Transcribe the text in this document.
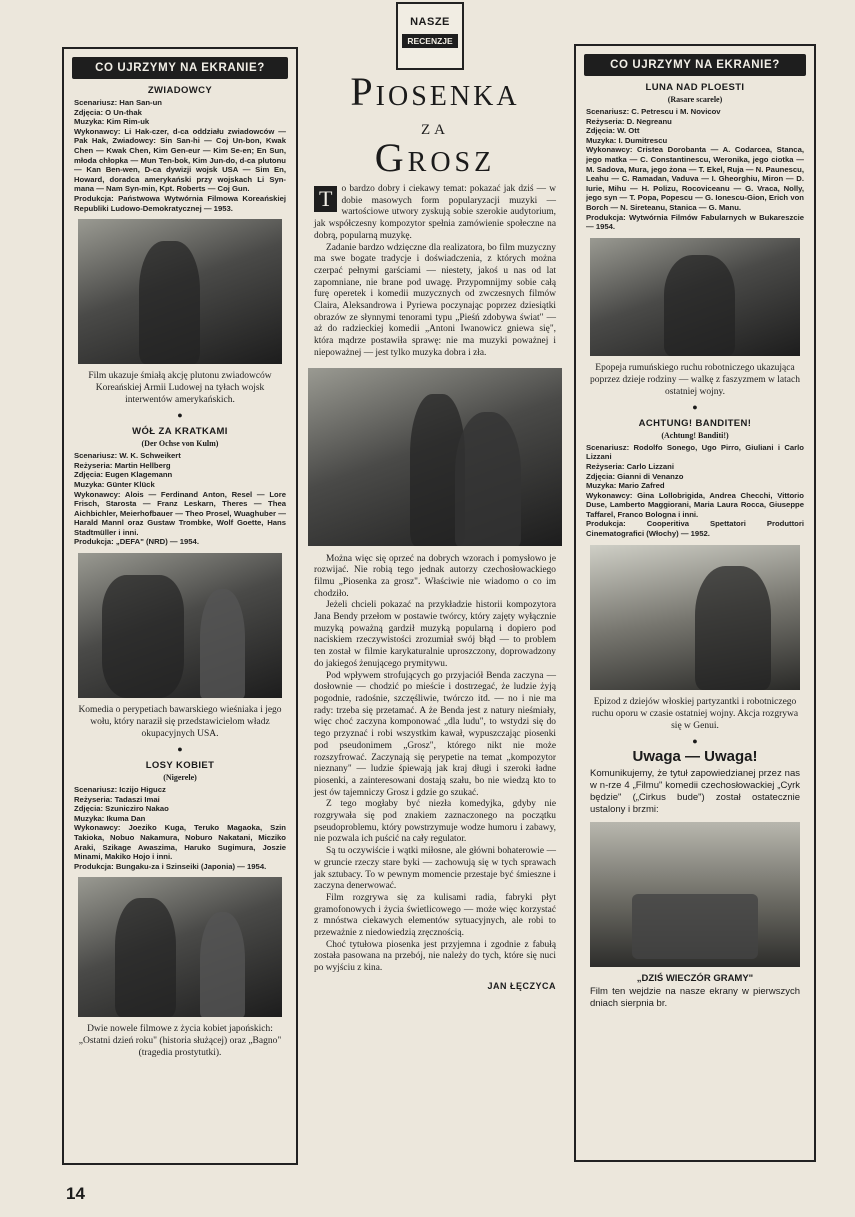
CO UJRZYMY NA EKRANIE?
ZWIADOWCY
Scenariusz: Han San-un
Zdjęcia: O Un-thak
Muzyka: Kim Rim-uk
Wykonawcy: Li Hak-czer, d-ca oddziału zwiadowców — Pak Hak, Zwiadowcy: Sin San-hi — Coj Un-bon, Kwak Chen — Kwak Chen, Kim Gen-eur — Kim Se-en; En Sun, młoda chłopka — Mun Ten-bok, Kim Jun-do, d-ca plutonu — Kan Ben-wen, D-ca dywizji wojsk USA — Sim En, Howard, doradca amerykański przy wojskach Li Syn-mana — Nam Syn-min, Kpt. Roberts — Coj Gun.
Produkcja: Państwowa Wytwórnia Filmowa Koreańskiej Republiki Ludowo-Demokratycznej — 1953.
Film ukazuje śmiałą akcję plutonu zwiadowców Koreańskiej Armii Ludowej na tyłach wojsk interwentów amerykańskich.
●
WÓŁ ZA KRATKAMI
(Der Ochse von Kulm)
Scenariusz: W. K. Schweikert
Reżyseria: Martin Hellberg
Zdjęcia: Eugen Klagemann
Muzyka: Günter Klück
Wykonawcy: Alois — Ferdinand Anton, Resel — Lore Frisch, Starosta — Franz Leskarn, Theres — Thea Aichbichler, Meierhofbauer — Theo Prosel, Wuaghuber — Harald Mannl oraz Gustaw Trombke, Wolf Goette, Hans Stadtmüller i inni.
Produkcja: „DEFA" (NRD) — 1954.
Komedia o perypetiach bawarskiego wieśniaka i jego wołu, który naraził się przedstawicielom władz okupacyjnych USA.
●
LOSY KOBIET
(Nigerele)
Scenariusz: Iczijo Higucz
Reżyseria: Tadaszi Imai
Zdjęcia: Szunicziro Nakao
Muzyka: Ikuma Dan
Wykonawcy: Joeziko Kuga, Teruko Magaoka, Szin Takioka, Nobuo Nakamura, Noburo Nakatani, Micziko Araki, Szikage Awaszima, Haruko Sugimura, Joszie Minami, Makiko Hojo i inni.
Produkcja: Bungaku-za i Szinseiki (Japonia) — 1954.
Dwie nowele filmowe z życia kobiet japońskich: „Ostatni dzień roku" (historia służącej) oraz „Bagno" (tragedia prostytutki).
NASZE
RECENZJE
Piosenka
za
Grosz
T o bardzo dobry i ciekawy temat: pokazać jak dziś — w dobie masowych form popularyzacji muzyki — wartościowe utwory zyskują sobie szerokie audytorium, jak współczesny kompozytor spełnia zamówienie społeczne na dobrą, popularną muzykę.

Zadanie bardzo wdzięczne dla realizatora, bo film muzyczny ma swe bogate tradycje i doświadczenia, z których można czerpać pełnymi garściami — niestety, jakoś u nas od lat zapomniane, nie brane pod uwagę. Przypomnijmy sobie całą furę operetek i komedii muzycznych od zwczesnych filmów Claira, Aleksandrowa i Pyriewa poczynając poprzez dziesiątki obrazów ze słynnymi tenorami typu „Pieśń zdobywa świat" — aż do radzieckiej komedii „Antoni Iwanowicz gniewa się", która mądrze postawiła sprawę: nie ma muzyki poważnej i niepoważnej — jest tylko muzyka dobra i zła.

Można więc się oprzeć na dobrych wzorach i pomysłowo je rozwijać. Nie robią tego jednak autorzy czechosłowackiego filmu „Piosenka za grosz". Właściwie nie wiadomo o co im chodziło.

Jeżeli chcieli pokazać na przykładzie historii kompozytora Jana Bendy przełom w postawie twórcy, który zajęty wyłącznie muzyką poważną gardził muzyką popularną i dopiero pod naciskiem rzeczywistości zrozumiał swój błąd — to problem ten został w filmie karykaturalnie uproszczony, doprowadzony do jakiegoś żenującego prymitywu.

Pod wpływem strofujących go przyjaciół Benda zaczyna — dosłownie — chodzić po mieście i dostrzegać, że ludzie żyją pogodnie, radośnie, szczęśliwie, twórczo itd. — no i nie ma rady: trzeba się przetamać. A że Benda jest z natury nieśmiały, więc choć zaczyna komponować „dla ludu", to wstydzi się do tego przyznać i robi wszystkim kawał, wypuszczając piosenki pod pseudonimem „Grosz", którego nikt nie może rozszyfrować. Zaczynają się perypetie na temat „kompozytor nieznany" — ludzie śpiewają jak kraj długi i szeroki ładne piosenki, a zainteresowani dostają szału, bo nie wiedzą kto to jest ów tajemniczy Grosz i gdzie go szukać.

Z tego mogłaby być niezła komedyjka, gdyby nie rozgrywała się pod znakiem zaznaczonego na początku pseudoproblemu, który powstrzymuje wodze humoru i zabawy, nie pozwala ich puścić na cały regulator.

Są tu oczywiście i wątki miłosne, ale główni bohaterowie — w gruncie rzeczy stare byki — zachowują się w tych sprawach jak sztubacy. To w pewnym momencie przestaje być śmieszne i zaczyna denerwować.

Film rozgrywa się za kulisami radia, fabryki płyt gramofonowych i życia świetlicowego — może więc korzystać z mnóstwa ciekawych elementów sytuacyjnych, ale robi to przeważnie z niedowiedzią zręcznością.

Choć tytułowa piosenka jest przyjemna i zgodnie z fabułą została pasowana na przebój, nie należy do tych, które się nuci po wyjściu z kina.

JAN ŁĘCZYCA
CO UJRZYMY NA EKRANIE?
LUNA NAD PLOESTI
(Rasare scarele)
Scenariusz: C. Petrescu i M. Novicov
Reżyseria: D. Negreanu
Zdjęcia: W. Ott
Muzyka: I. Dumitrescu
Wykonawcy: Cristea Dorobanta — A. Codarcea, Stanca, jego matka — C. Constantinescu, Weronika, jego ciotka — M. Sadova, Mura, jego żona — T. Ekel, Ruja — N. Paunescu, Leahu — C. Ramadan, Vaduva — I. Gheorghiu, Miron — D. Iurie, Mihu — H. Polizu, Rocoviceanu — G. Vraca, Nolly, jego syn — T. Popa, Popescu — G. Ionescu-Gion, Erich von Borch — N. Sireteanu, Stanica — G. Manu.
Produkcja: Wytwórnia Filmów Fabularnych w Bukareszcie — 1954.
Epopeja rumuńskiego ruchu robotniczego ukazująca poprzez dzieje rodziny — walkę z faszyzmem w latach ostatniej wojny.
●
ACHTUNG! BANDITEN!
(Achtung! Banditi!)
Scenariusz: Rodolfo Sonego, Ugo Pirro, Giuliani i Carlo Lizzani
Reżyseria: Carlo Lizzani
Zdjęcia: Gianni di Venanzo
Muzyka: Mario Zafred
Wykonawcy: Gina Lollobrigida, Andrea Checchi, Vittorio Duse, Lamberto Maggiorani, Maria Laura Rocca, Giuseppe Taffarel, Franco Bologna i inni.
Produkcja: Cooperitiva Spettatori Produttori Cinematografici (Włochy) — 1952.
Epizod z dziejów włoskiej partyzantki i robotniczego ruchu oporu w czasie ostatniej wojny. Akcja rozgrywa się w Genui.
●
Uwaga — Uwaga!
Komunikujemy, że tytuł zapowiedzianej przez nas w n-rze 4 „Filmu" komedii czechosłowackiej „Cyrk będzie" („Cirkus bude") został ostatecznie ustalony i brzmi:
„DZIŚ WIECZÓR GRAMY"
Film ten wejdzie na nasze ekrany w pierwszych dniach sierpnia br.
14
